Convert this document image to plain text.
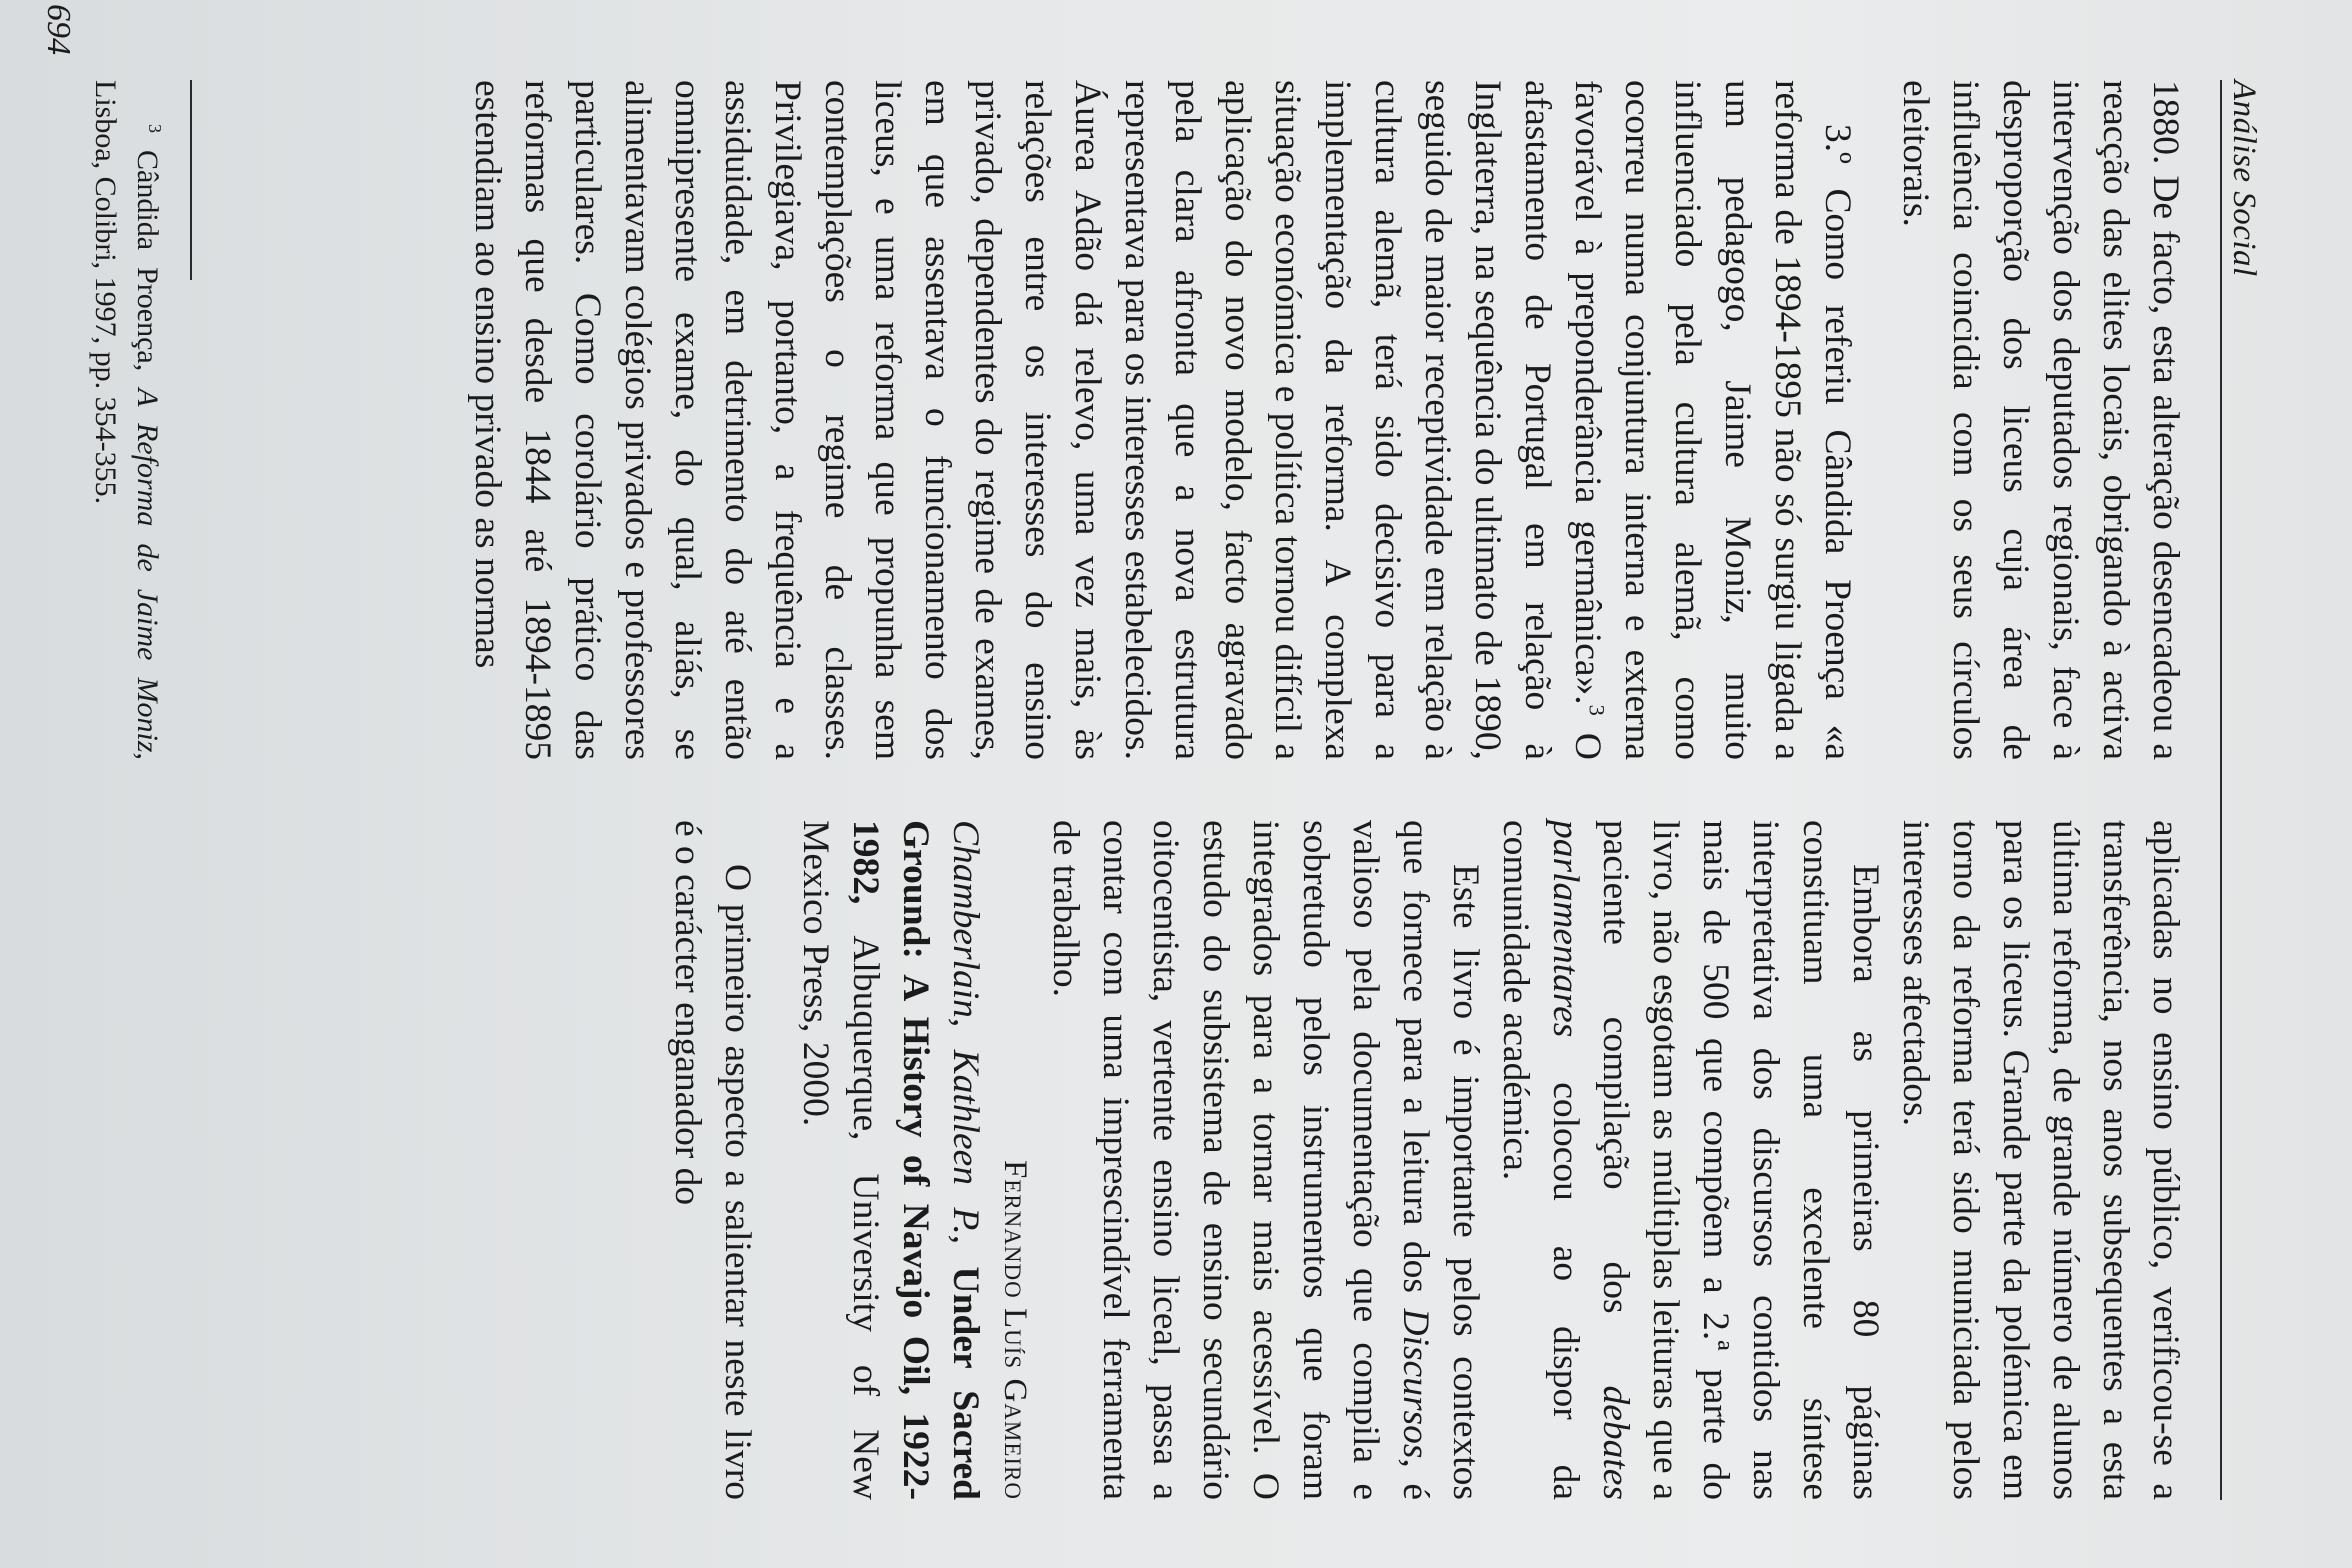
Análise Social

1880. De facto, esta alteração desencadeou a reacção das elites locais, obrigando à activa intervenção dos deputados regionais, face à desproporção dos liceus cuja área de influência coincidia com os seus círculos eleitorais.

3.º Como referiu Cândida Proença «a reforma de 1894-1895 não só surgiu ligada a um pedagogo, Jaime Moniz, muito influenciado pela cultura alemã, como ocorreu numa conjuntura interna e externa favorável à preponderância germânica».$^3$ O afastamento de Portugal em relação à Inglaterra, na sequência do ultimato de 1890, seguido de maior receptividade em relação à cultura alemã, terá sido decisivo para a implementação da reforma. A complexa situação económica e política tornou difícil a aplicação do novo modelo, facto agravado pela clara afronta que a nova estrutura representava para os interesses estabelecidos. Áurea Adão dá relevo, uma vez mais, às relações entre os interesses do ensino privado, dependentes do regime de exames, em que assentava o funcionamento dos liceus, e uma reforma que propunha sem contemplações o regime de classes. Privilegiava, portanto, a frequência e a assiduidade, em detrimento do até então omnipresente exame, do qual, aliás, se alimentavam colégios privados e professores particulares. Como corolário prático das reformas que desde 1844 até 1894-1895 estendiam ao ensino privado as normas

aplicadas no ensino público, verificou-se a transferência, nos anos subsequentes a esta última reforma, de grande número de alunos para os liceus. Grande parte da polémica em torno da reforma terá sido municiada pelos interesses afectados.

Embora as primeiras 80 páginas constituam uma excelente síntese interpretativa dos discursos contidos nas mais de 500 que compõem a 2.ª parte do livro, não esgotam as múltiplas leituras que a paciente compilação dos debates parlamentares colocou ao dispor da comunidade académica.

Este livro é importante pelos contextos que fornece para a leitura dos Discursos, é valioso pela documentação que compila e sobretudo pelos instrumentos que foram integrados para a tornar mais acessível. O estudo do subsistema de ensino secundário oitocentista, vertente ensino liceal, passa a contar com uma imprescindível ferramenta de trabalho.

Fernando Luís Gameiro

Chamberlain, Kathleen P., Under Sacred Ground: A History of Navajo Oil, 1922-1982, Albuquerque, University of New Mexico Press, 2000.

O primeiro aspecto a salientar neste livro é o carácter enganador do

$^3$ Cândida Proença, A Reforma de Jaime Moniz, Lisboa, Colibri, 1997, pp. 354-355.

694
